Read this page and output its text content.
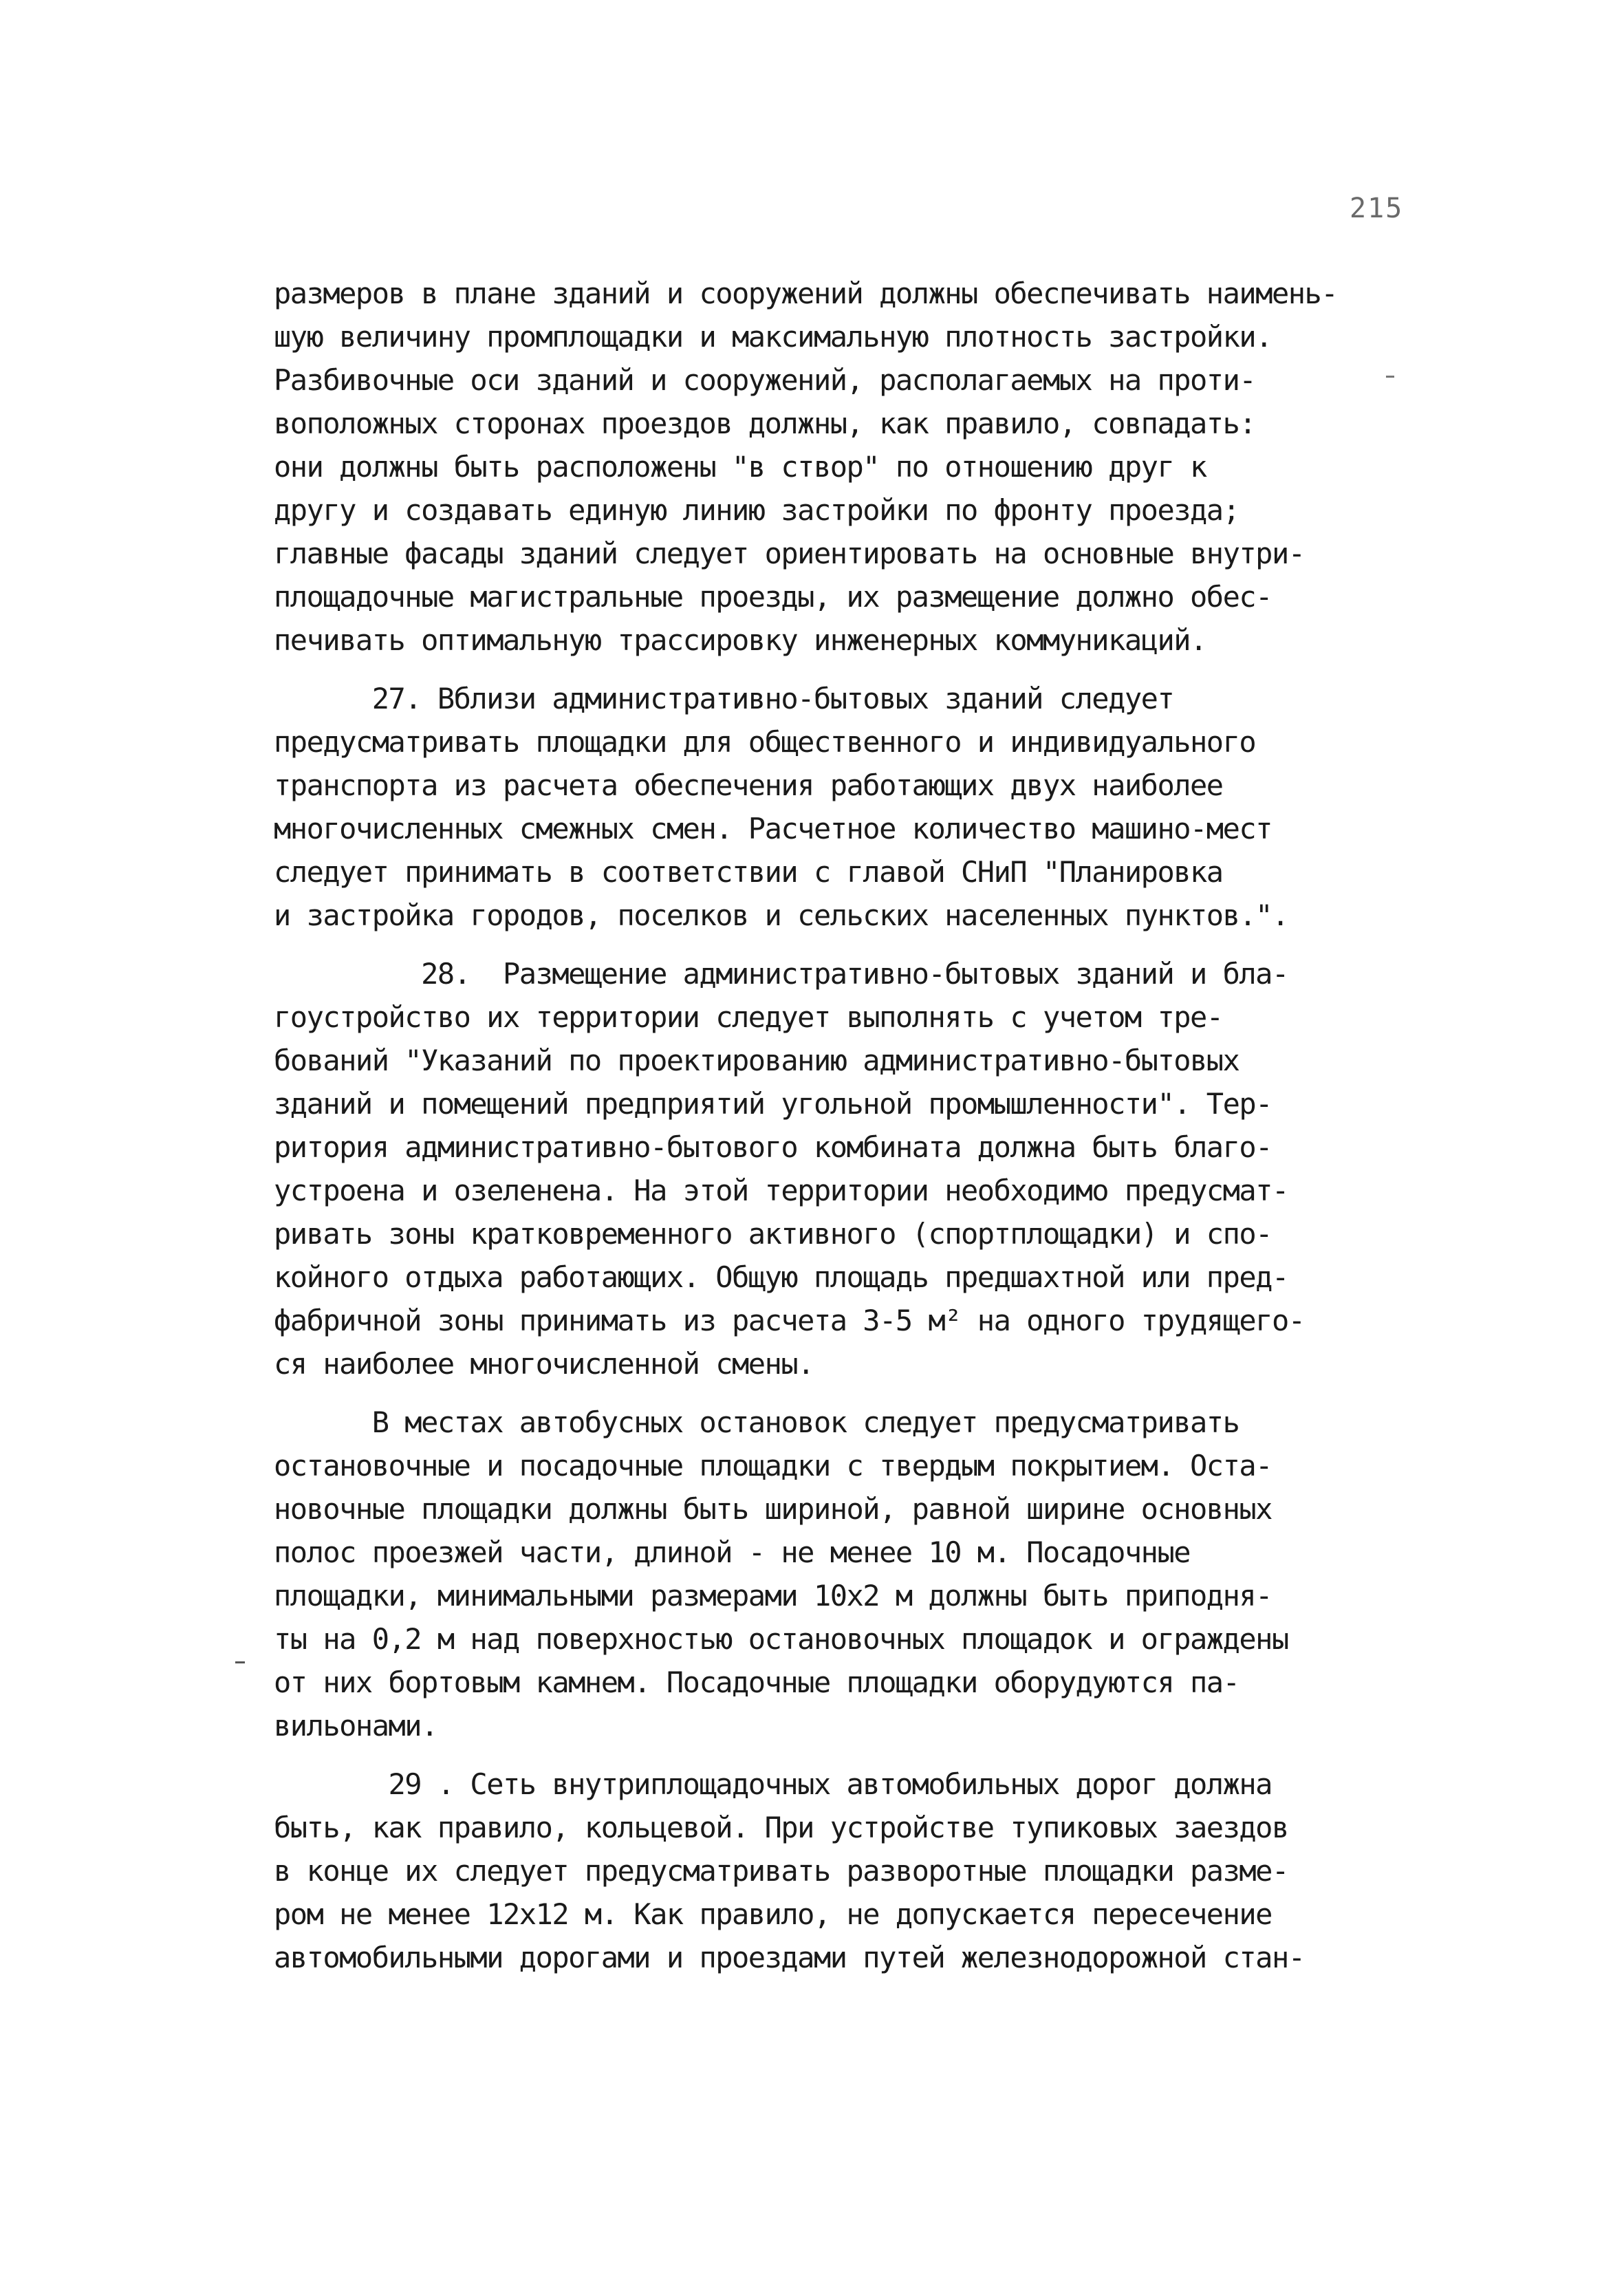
215
размеров в плане зданий и сооружений должны обеспечивать наимень-
шую величину промплощадки и максимальную плотность застройки.
Разбивочные оси зданий и сооружений, располагаемых на проти-
воположных сторонах проездов должны, как правило, совпадать:
они должны быть расположены "в створ" по отношению друг к
другу и создавать единую линию застройки по фронту проезда;
главные фасады зданий следует ориентировать на основные внутри-
площадочные магистральные проезды, их размещение должно обес-
печивать оптимальную трассировку инженерных коммуникаций.
27. Вблизи административно-бытовых зданий следует
предусматривать площадки для общественного и индивидуального
транспорта из расчета обеспечения работающих двух наиболее
многочисленных смежных смен. Расчетное количество машино-мест
следует принимать в соответствии с главой СНиП "Планировка
и застройка городов, поселков и сельских населенных пунктов.".
28.  Размещение административно-бытовых зданий и бла-
гоустройство их территории следует выполнять с учетом тре-
бований "Указаний по проектированию административно-бытовых
зданий и помещений предприятий угольной промышленности". Тер-
ритория административно-бытового комбината должна быть благо-
устроена и озеленена. На этой территории необходимо предусмат-
ривать зоны кратковременного активного (спортплощадки) и спо-
койного отдыха работающих. Общую площадь предшахтной или пред-
фабричной зоны принимать из расчета 3-5 м² на одного трудящего-
ся наиболее многочисленной смены.
В местах автобусных остановок следует предусматривать
остановочные и посадочные площадки с твердым покрытием. Оста-
новочные площадки должны быть шириной, равной ширине основных
полос проезжей части, длиной - не менее 10 м. Посадочные
площадки, минимальными размерами 10х2 м должны быть приподня-
ты на 0,2 м над поверхностью остановочных площадок и ограждены
от них бортовым камнем. Посадочные площадки оборудуются па-
вильонами.
29 . Сеть внутриплощадочных автомобильных дорог должна
быть, как правило, кольцевой. При устройстве тупиковых заездов
в конце их следует предусматривать разворотные площадки разме-
ром не менее 12х12 м. Как правило, не допускается пересечение
автомобильными дорогами и проездами путей железнодорожной стан-
